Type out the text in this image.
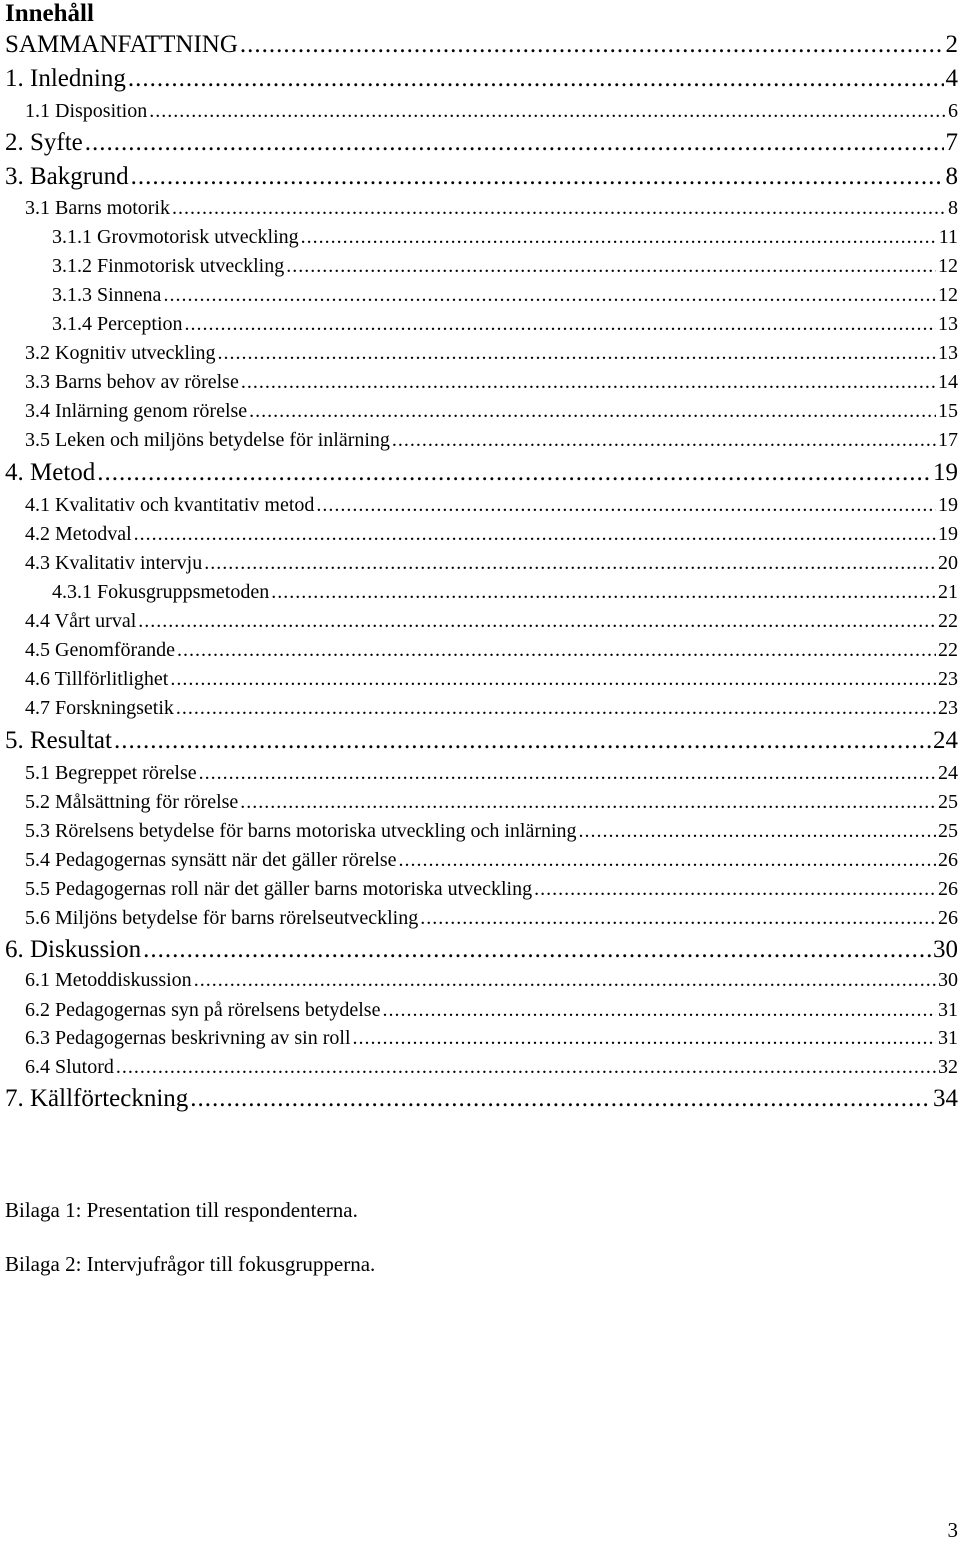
Innehåll
SAMMANFATTNING .....	2
1. Inledning .....	4
1.1 Disposition .....	6
2. Syfte .....	7
3. Bakgrund .....	8
3.1 Barns motorik .....	8
3.1.1 Grovmotorisk utveckling .....	11
3.1.2 Finmotorisk utveckling .....	12
3.1.3 Sinnena .....	12
3.1.4 Perception .....	13
3.2 Kognitiv utveckling .....	13
3.3 Barns behov av rörelse .....	14
3.4 Inlärning genom rörelse .....	15
3.5 Leken och miljöns betydelse för inlärning .....	17
4. Metod .....	19
4.1 Kvalitativ och kvantitativ metod .....	19
4.2 Metodval .....	19
4.3 Kvalitativ intervju .....	20
4.3.1 Fokusgruppsmetoden .....	21
4.4 Vårt urval .....	22
4.5 Genomförande .....	22
4.6 Tillförlitlighet .....	23
4.7 Forskningsetik .....	23
5. Resultat .....	24
5.1 Begreppet rörelse .....	24
5.2 Målsättning för rörelse .....	25
5.3 Rörelsens betydelse för barns motoriska utveckling och inlärning .....	25
5.4 Pedagogernas synsätt när det gäller rörelse .....	26
5.5 Pedagogernas roll när det gäller barns motoriska utveckling .....	26
5.6 Miljöns betydelse för barns rörelseutveckling .....	26
6. Diskussion .....	30
6.1 Metoddiskussion .....	30
6.2 Pedagogernas syn på rörelsens betydelse .....	31
6.3 Pedagogernas beskrivning av sin roll .....	31
6.4 Slutord .....	32
7. Källförteckning .....	34
Bilaga 1: Presentation till respondenterna.
Bilaga 2: Intervjufrågor till fokusgrupperna.
3
